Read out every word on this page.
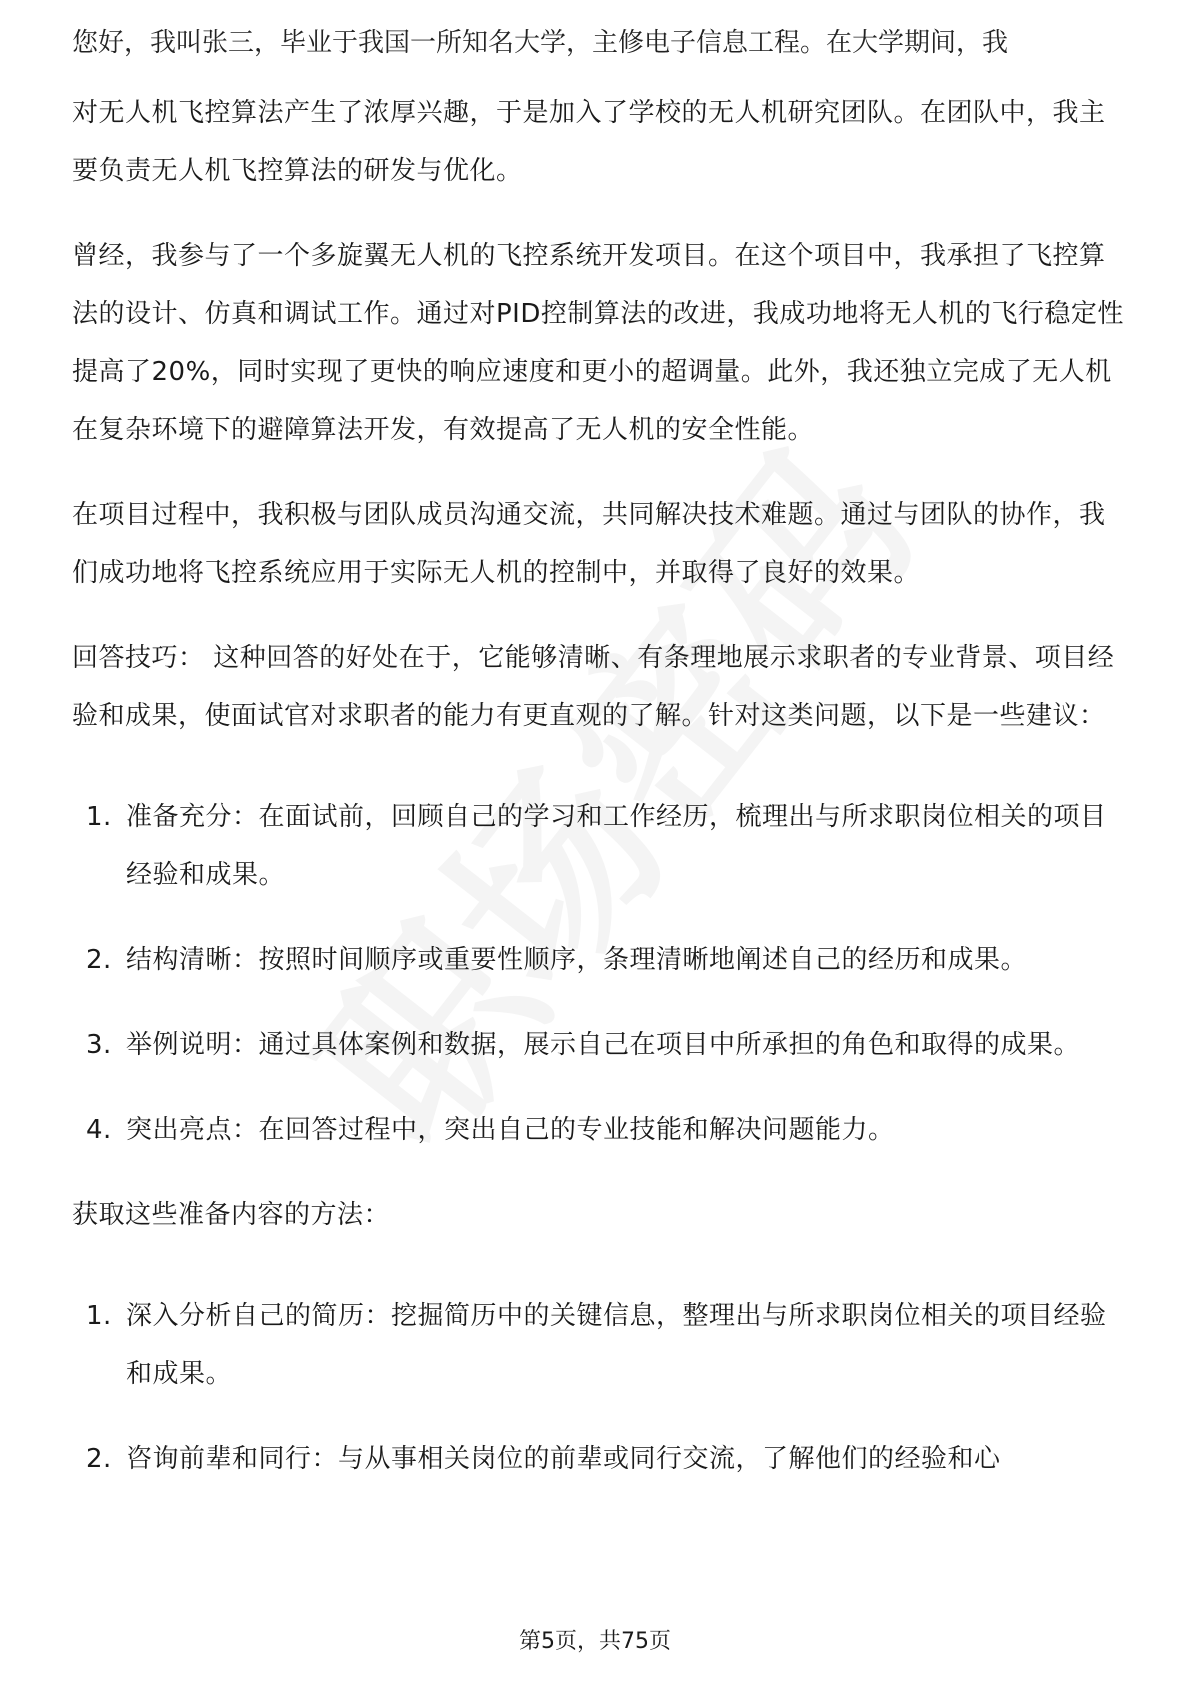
您好，我叫张三，毕业于我国一所知名大学，主修电子信息工程。在大学期间，我

对无人机飞控算法产生了浓厚兴趣，于是加入了学校的无人机研究团队。在团队中，我主要负责无人机飞控算法的研发与优化。

曾经，我参与了一个多旋翼无人机的飞控系统开发项目。在这个项目中，我承担了飞控算法的设计、仿真和调试工作。通过对PID控制算法的改进，我成功地将无人机的飞行稳定性提高了20%，同时实现了更快的响应速度和更小的超调量。此外，我还独立完成了无人机在复杂环境下的避障算法开发，有效提高了无人机的安全性能。

在项目过程中，我积极与团队成员沟通交流，共同解决技术难题。通过与团队的协作，我们成功地将飞控系统应用于实际无人机的控制中，并取得了良好的效果。

回答技巧： 这种回答的好处在于，它能够清晰、有条理地展示求职者的专业背景、项目经验和成果，使面试官对求职者的能力有更直观的了解。针对这类问题，以下是一些建议：

1. 准备充分：在面试前，回顾自己的学习和工作经历，梳理出与所求职岗位相关的项目经验和成果。
2. 结构清晰：按照时间顺序或重要性顺序，条理清晰地阐述自己的经历和成果。
3. 举例说明：通过具体案例和数据，展示自己在项目中所承担的角色和取得的成果。
4. 突出亮点：在回答过程中，突出自己的专业技能和解决问题能力。

获取这些准备内容的方法：

1. 深入分析自己的简历：挖掘简历中的关键信息，整理出与所求职岗位相关的项目经验和成果。
2. 咨询前辈和同行：与从事相关岗位的前辈或同行交流，了解他们的经验和心
第5页，共75页
